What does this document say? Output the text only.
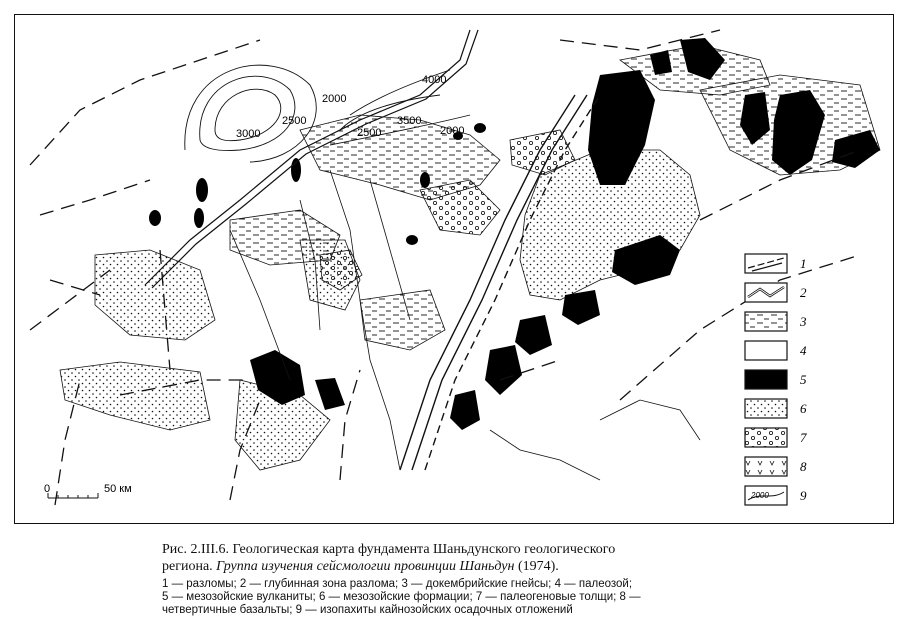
3000
2500
2000
2500
3500
4000
2000
0	50 км
2000
1
2
3
4
5
6
7
8
9
Рис. 2.III.6. Геологическая карта фундамента Шаньдунского геологического
региона. Группа изучения сейсмологии провинции Шаньдун (1974).
1 — разломы; 2 — глубинная зона разлома; 3 — докембрийские гнейсы; 4 — палеозой;
5 — мезозойские вулканиты; 6 — мезозойские формации; 7 — палеогеновые толщи; 8 —
четвертичные базальты; 9 — изопахиты кайнозойских осадочных отложений
